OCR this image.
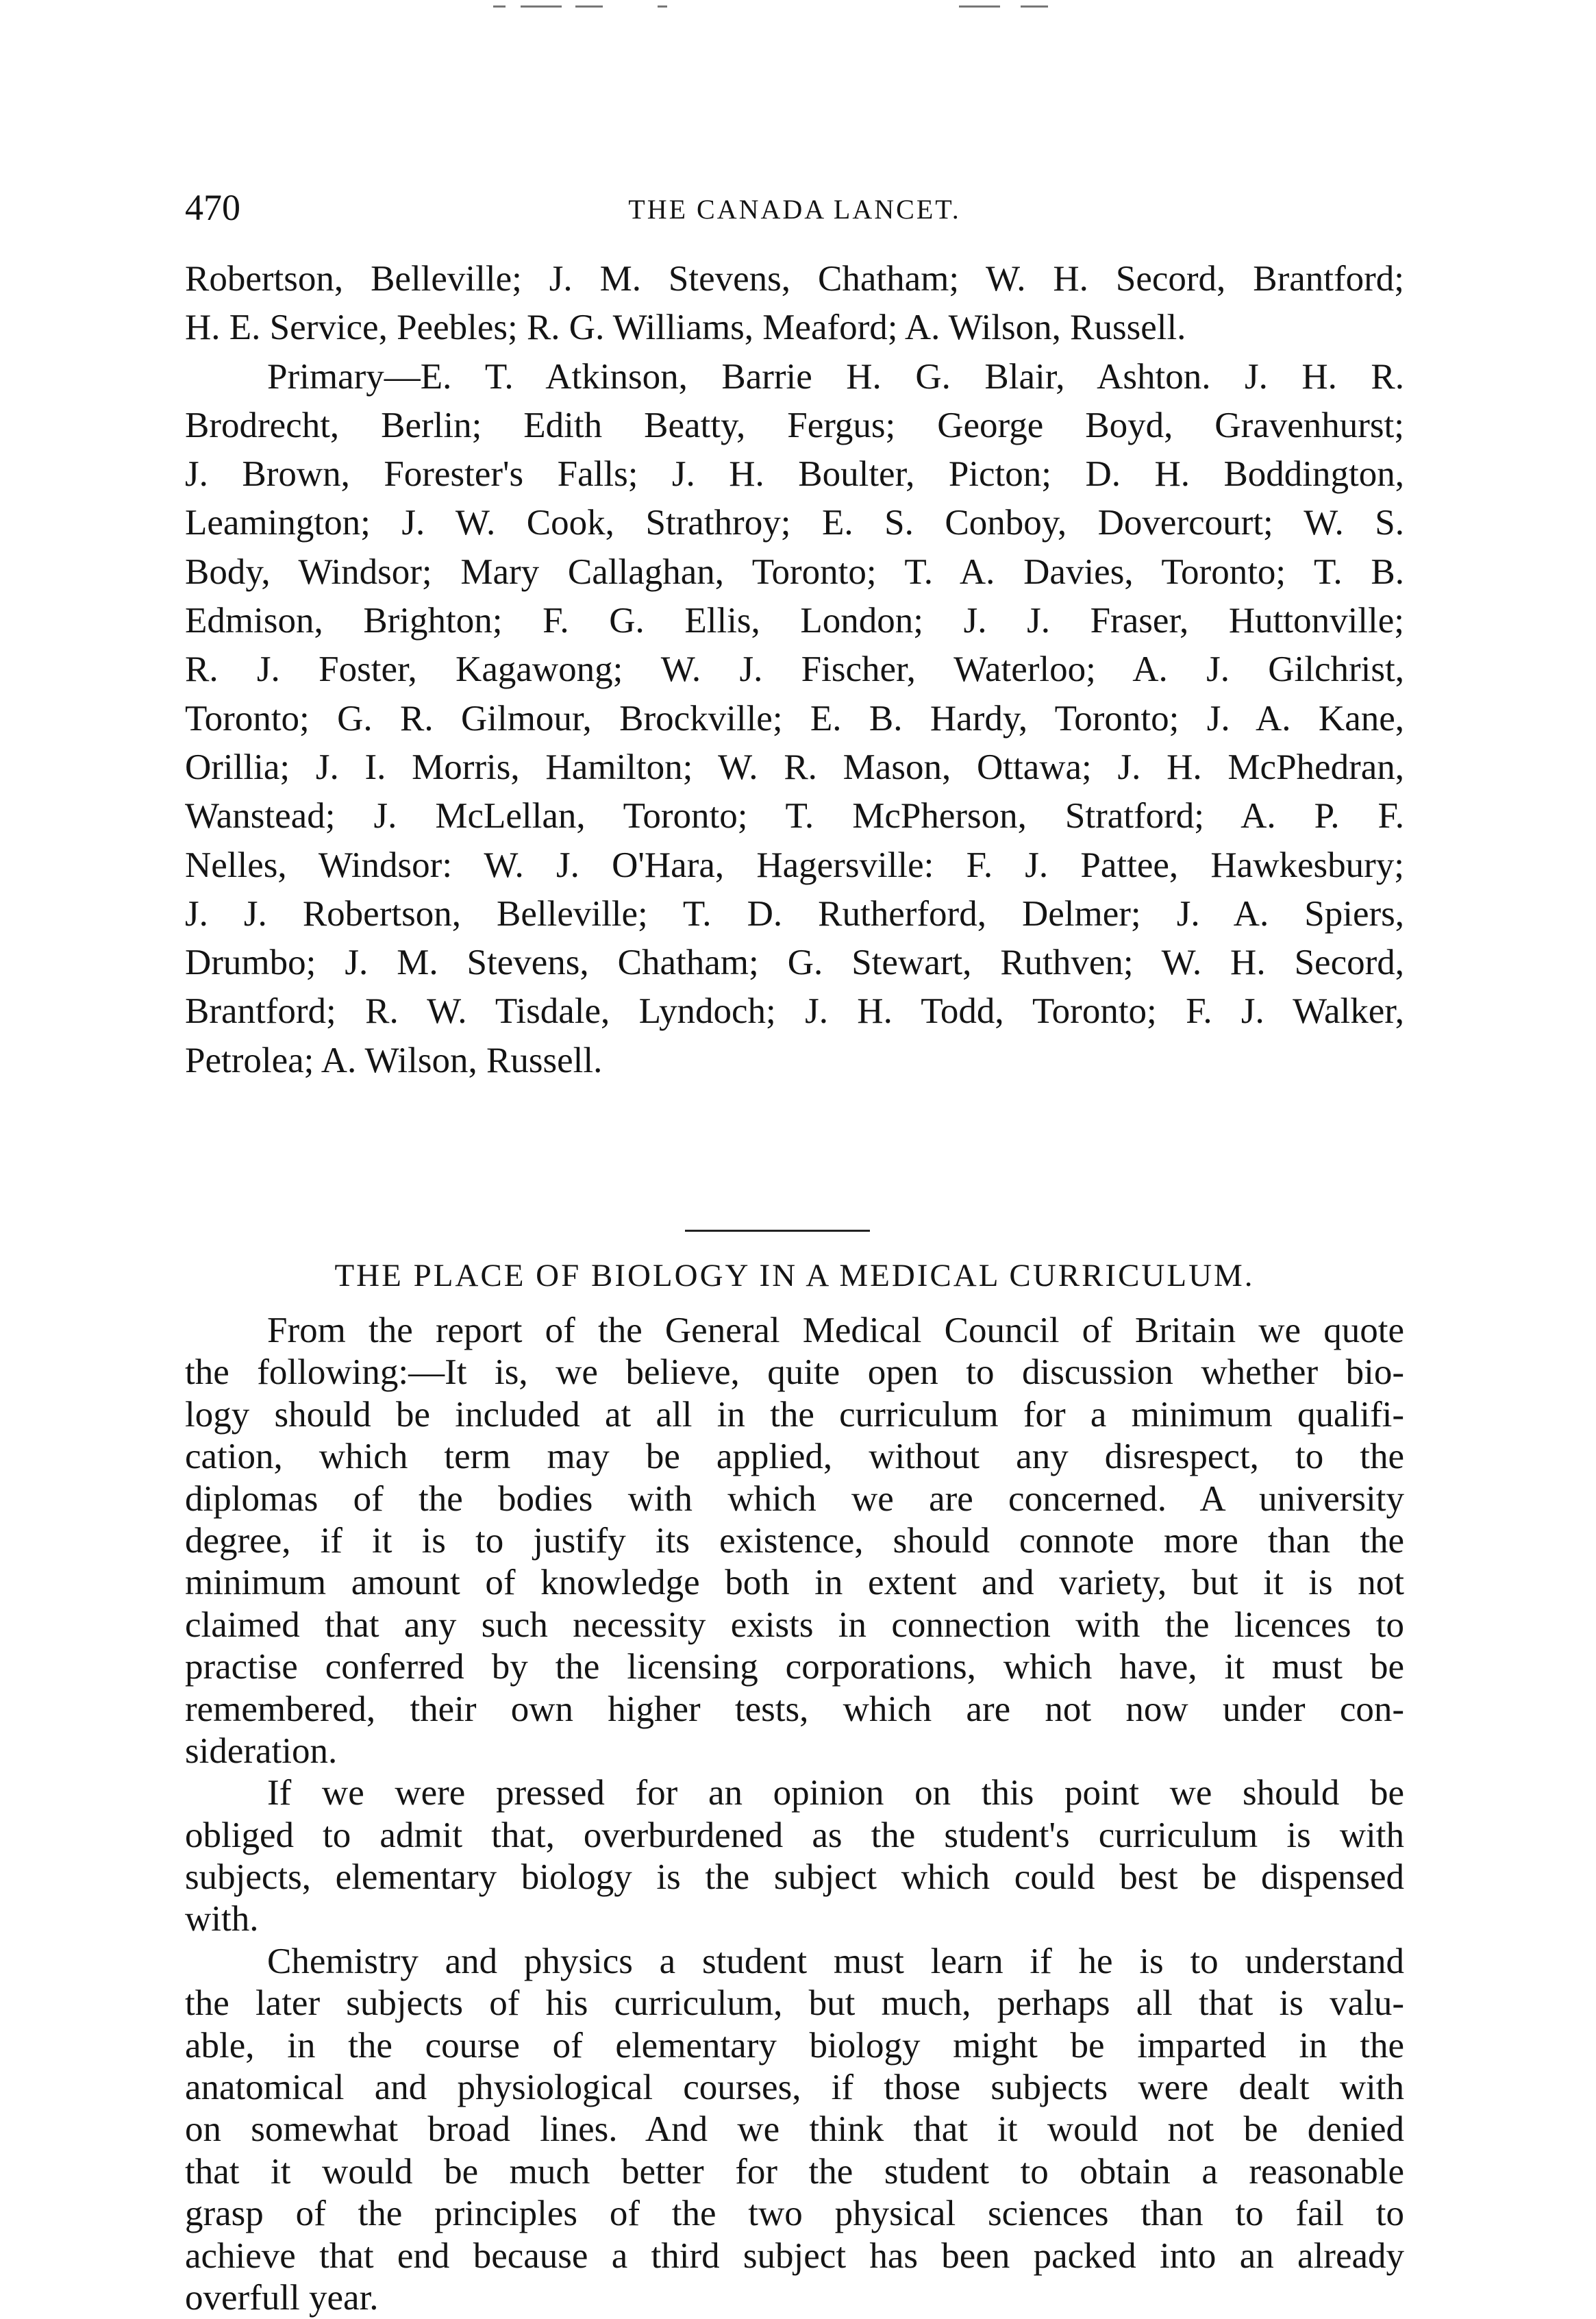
470	THE CANADA LANCET.
Robertson, Belleville; J. M. Stevens, Chatham; W. H. Secord, Brantford;
H. E. Service, Peebles; R. G. Williams, Meaford; A. Wilson, Russell.
Primary—E. T. Atkinson, Barrie H. G. Blair, Ashton. J. H. R.
Brodrecht, Berlin; Edith Beatty, Fergus; George Boyd, Gravenhurst;
J. Brown, Forester's Falls; J. H. Boulter, Picton; D. H. Boddington,
Leamington; J. W. Cook, Strathroy; E. S. Conboy, Dovercourt; W. S.
Body, Windsor; Mary Callaghan, Toronto; T. A. Davies, Toronto; T. B.
Edmison, Brighton; F. G. Ellis, London; J. J. Fraser, Huttonville;
R. J. Foster, Kagawong; W. J. Fischer, Waterloo; A. J. Gilchrist,
Toronto; G. R. Gilmour, Brockville; E. B. Hardy, Toronto; J. A. Kane,
Orillia; J. I. Morris, Hamilton; W. R. Mason, Ottawa; J. H. McPhedran,
Wanstead; J. McLellan, Toronto; T. McPherson, Stratford; A. P. F.
Nelles, Windsor: W. J. O'Hara, Hagersville: F. J. Pattee, Hawkesbury;
J. J. Robertson, Belleville; T. D. Rutherford, Delmer; J. A. Spiers,
Drumbo; J. M. Stevens, Chatham; G. Stewart, Ruthven; W. H. Secord,
Brantford; R. W. Tisdale, Lyndoch; J. H. Todd, Toronto; F. J. Walker,
Petrolea; A. Wilson, Russell.
THE PLACE OF BIOLOGY IN A MEDICAL CURRICULUM.
From the report of the General Medical Council of Britain we quote
the following:—It is, we believe, quite open to discussion whether bio-
logy should be included at all in the curriculum for a minimum qualifi-
cation, which term may be applied, without any disrespect, to the
diplomas of the bodies with which we are concerned. A university
degree, if it is to justify its existence, should connote more than the
minimum amount of knowledge both in extent and variety, but it is not
claimed that any such necessity exists in connection with the licences to
practise conferred by the licensing corporations, which have, it must be
remembered, their own higher tests, which are not now under con-
sideration.
If we were pressed for an opinion on this point we should be
obliged to admit that, overburdened as the student's curriculum is with
subjects, elementary biology is the subject which could best be dispensed
with.
Chemistry and physics a student must learn if he is to understand
the later subjects of his curriculum, but much, perhaps all that is valu-
able, in the course of elementary biology might be imparted in the
anatomical and physiological courses, if those subjects were dealt with
on somewhat broad lines. And we think that it would not be denied
that it would be much better for the student to obtain a reasonable
grasp of the principles of the two physical sciences than to fail to
achieve that end because a third subject has been packed into an already
overfull year.
